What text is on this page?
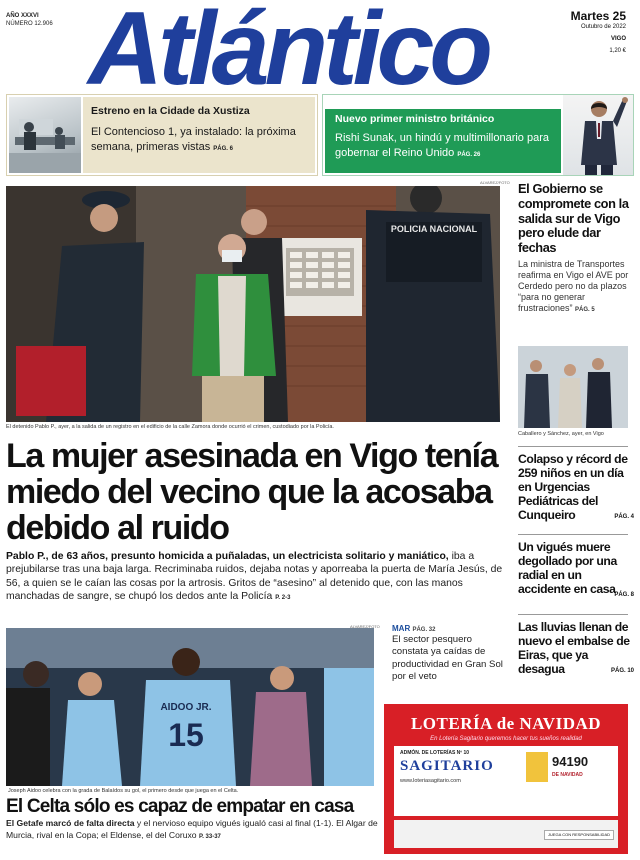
AÑO XXXVI
NÚMERO 12.906 Atlántico	Martes 25
Outubro de 2022
VIGO
1,20 €
Estreno en la Cidade da Xustiza
El Contencioso 1, ya instalado: la próxima semana, primeras vistas PÁG. 6
Nuevo primer ministro británico
Rishi Sunak, un hindú y multimillonario para gobernar el Reino Unido PÁG. 26
POLICIA NACIONAL
ALVAREZ/FOTO
El detenido Pablo P., ayer, a la salida de un registro en el edificio de la calle Zamora donde ocurrió el crimen, custodiado por la Policía.
La mujer asesinada en Vigo tenía miedo del vecino que la acosaba debido al ruido
Pablo P., de 63 años, presunto homicida a puñaladas, un electricista solitario y maniático, iba a prejubilarse tras una baja larga. Recriminaba ruidos, dejaba notas y aporreaba la puerta de María Jesús, de 56, a quien se le caían las cosas por la artrosis. Gritos de “asesino” al detenido que, con las manos manchadas de sangre, se chupó los dedos ante la Policía P. 2-3
El Gobierno se compromete con la salida sur de Vigo pero elude dar fechas
La ministra de Transportes reafirma en Vigo el AVE por Cerdedo pero no da plazos “para no generar frustraciones” PÁG. 5
Caballero y Sánchez, ayer, en Vigo
Colapso y récord de 259 niños en un día en Urgencias Pediátricas del Cunqueiro	PÁG. 4
Un vigués muere degollado por una radial en un accidente en casa
PÁG. 8
Las lluvias llenan de nuevo el embalse de Eiras, que ya desagua	PÁG. 10
AIDOO JR.
15
ALVAREZ/FOTO
Joseph Aidoo celebra con la grada de Balaídos su gol, el primero desde que juega en el Celta.
El Celta sólo es capaz de empatar en casa
El Getafe marcó de falta directa y el nervioso equipo vigués igualó casi al final (1-1). El Algar de Murcia, rival en la Copa; el Eldense, el del Coruxo P. 33-37
MAR PÁG. 32
El sector pesquero constata ya caídas de productividad en Gran Sol por el veto
LOTERÍA de NAVIDAD
En Lotería Sagitario queremos hacer tus sueños realidad
ADMÓN. DE LOTERÍAS Nº 10
SAGITARIO
www.loteriasagitario.com
94190
DE NAVIDAD
JUEGA CON RESPONSABILIDAD
